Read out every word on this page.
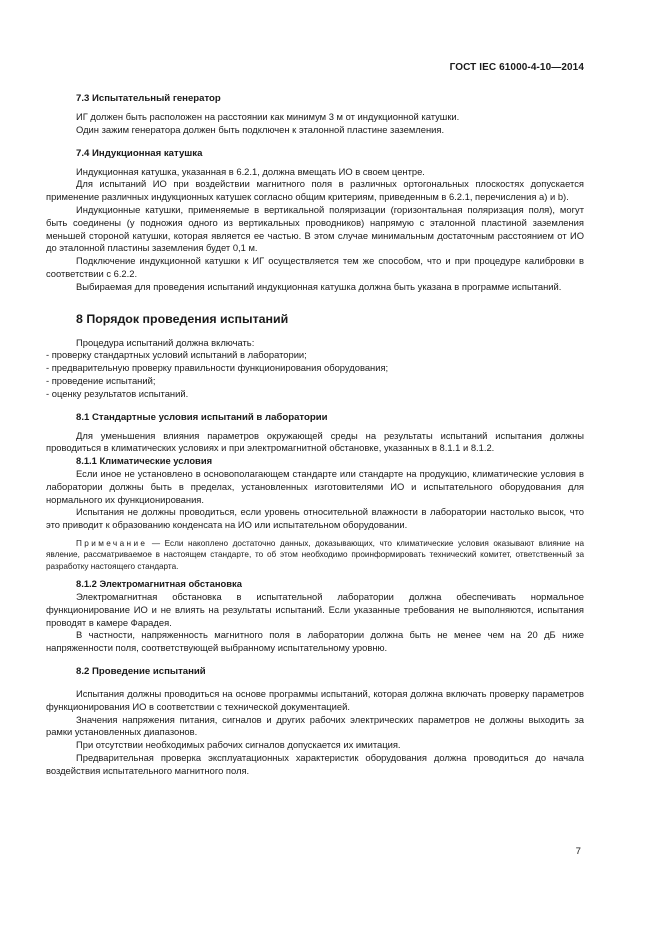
ГОСТ IEC 61000-4-10—2014
7.3 Испытательный генератор

ИГ должен быть расположен на расстоянии как минимум 3 м от индукционной катушки.

Один зажим генератора должен быть подключен к эталонной пластине заземления.

7.4 Индукционная катушка

Индукционная катушка, указанная в 6.2.1, должна вмещать ИО в своем центре.

Для испытаний ИО при воздействии магнитного поля в различных ортогональных плоскостях допускается применение различных индукционных катушек согласно общим критериям, приведенным в 6.2.1, перечисления a) и b).

Индукционные катушки, применяемые в вертикальной поляризации (горизонтальная поляризация поля), могут быть соединены (у подножия одного из вертикальных проводников) напрямую с эталонной пластиной заземления меньшей стороной катушки, которая является ее частью. В этом случае минимальным достаточным расстоянием от ИО до эталонной пластины заземления будет 0,1 м.

Подключение индукционной катушки к ИГ осуществляется тем же способом, что и при процедуре калибровки в соответствии с 6.2.2.

Выбираемая для проведения испытаний индукционная катушка должна быть указана в программе испытаний.

8 Порядок проведения испытаний

Процедура испытаний должна включать:

- проверку стандартных условий испытаний в лаборатории;
- предварительную проверку правильности функционирования оборудования;
- проведение испытаний;
- оценку результатов испытаний.
8.1 Стандартные условия испытаний в лаборатории

Для уменьшения влияния параметров окружающей среды на результаты испытаний испытания должны проводиться в климатических условиях и при электромагнитной обстановке, указанных в 8.1.1 и 8.1.2.

8.1.1 Климатические условия

Если иное не установлено в основополагающем стандарте или стандарте на продукцию, климатические условия в лаборатории должны быть в пределах, установленных изготовителями ИО и испытательного оборудования для нормального их функционирования.

Испытания не должны проводиться, если уровень относительной влажности в лаборатории настолько высок, что это приводит к образованию конденсата на ИО или испытательном оборудовании.

Примечание — Если накоплено достаточно данных, доказывающих, что климатические условия оказывают влияние на явление, рассматриваемое в настоящем стандарте, то об этом необходимо проинформировать технический комитет, ответственный за разработку настоящего стандарта.

8.1.2 Электромагнитная обстановка

Электромагнитная обстановка в испытательной лаборатории должна обеспечивать нормальное функционирование ИО и не влиять на результаты испытаний. Если указанные требования не выполняются, испытания проводят в камере Фарадея.

В частности, напряженность магнитного поля в лаборатории должна быть не менее чем на 20 дБ ниже напряженности поля, соответствующей выбранному испытательному уровню.

8.2 Проведение испытаний

Испытания должны проводиться на основе программы испытаний, которая должна включать проверку параметров функционирования ИО в соответствии с технической документацией.

Значения напряжения питания, сигналов и других рабочих электрических параметров не должны выходить за рамки установленных диапазонов.

При отсутствии необходимых рабочих сигналов допускается их имитация.

Предварительная проверка эксплуатационных характеристик оборудования должна проводиться до начала воздействия испытательного магнитного поля.

7
